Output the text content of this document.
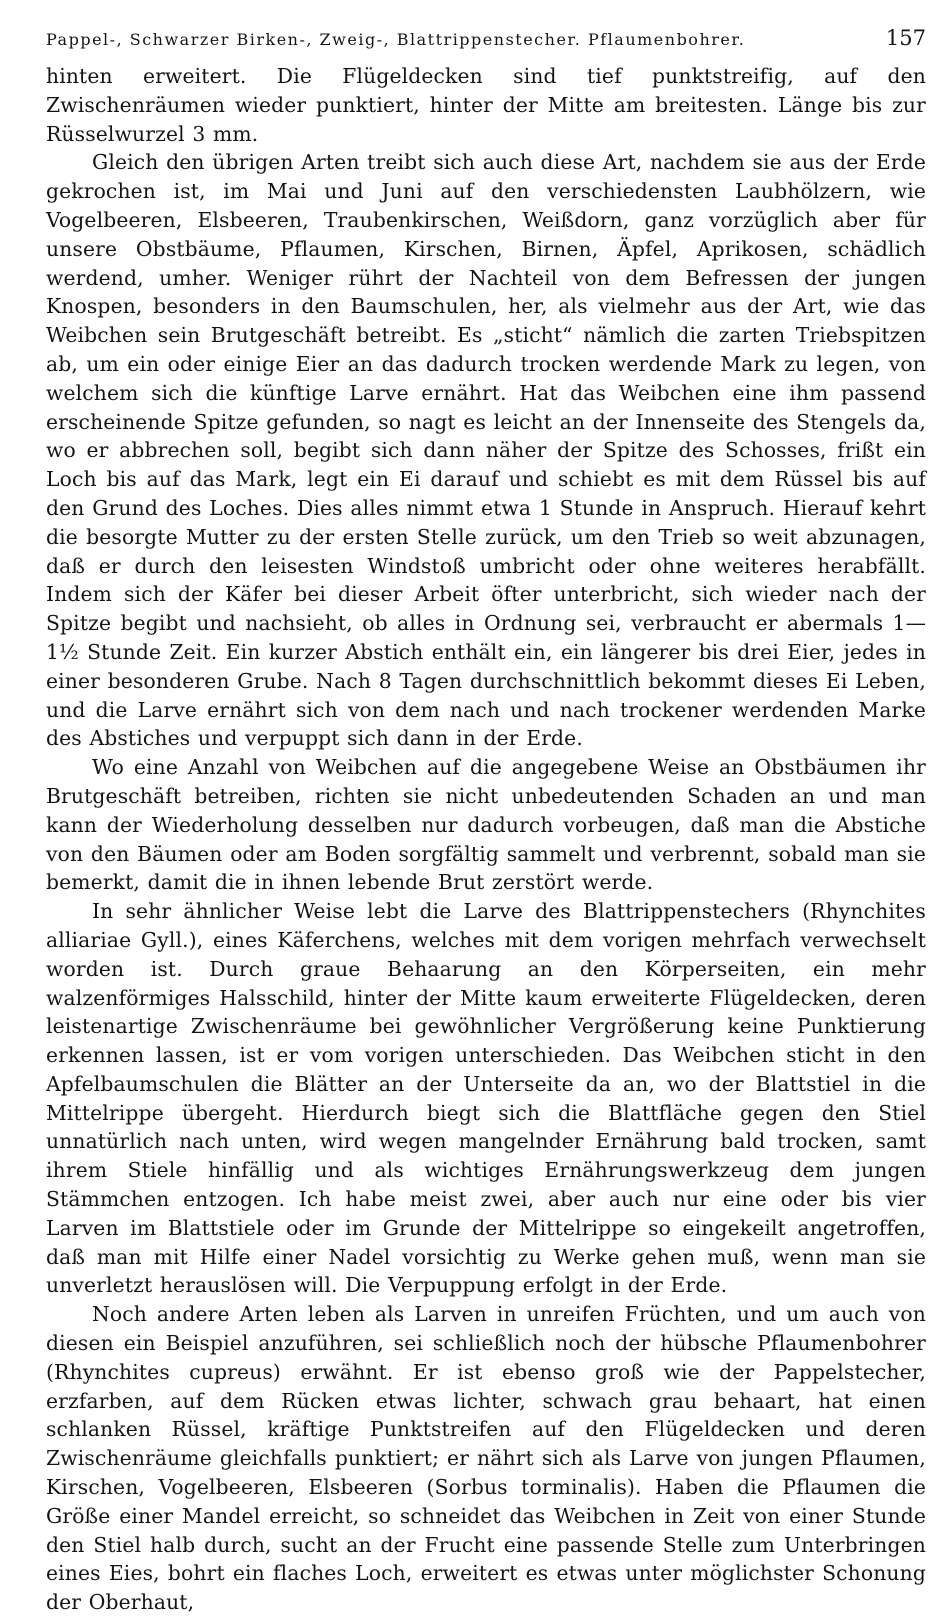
Pappel-, Schwarzer Birken-, Zweig-, Blattrippenstecher. Pflaumenbohrer.	157

hinten erweitert. Die Flügeldecken sind tief punktstreifig, auf den Zwischenräumen wieder punktiert, hinter der Mitte am breitesten. Länge bis zur Rüsselwurzel 3 mm.

Gleich den übrigen Arten treibt sich auch diese Art, nachdem sie aus der Erde gekrochen ist, im Mai und Juni auf den verschiedensten Laubhölzern, wie Vogelbeeren, Elsbeeren, Traubenkirschen, Weißdorn, ganz vorzüglich aber für unsere Obstbäume, Pflaumen, Kirschen, Birnen, Äpfel, Aprikosen, schädlich werdend, umher. Weniger rührt der Nachteil von dem Befressen der jungen Knospen, besonders in den Baumschulen, her, als vielmehr aus der Art, wie das Weibchen sein Brutgeschäft betreibt. Es „sticht“ nämlich die zarten Triebspitzen ab, um ein oder einige Eier an das dadurch trocken werdende Mark zu legen, von welchem sich die künftige Larve ernährt. Hat das Weibchen eine ihm passend erscheinende Spitze gefunden, so nagt es leicht an der Innenseite des Stengels da, wo er abbrechen soll, begibt sich dann näher der Spitze des Schosses, frißt ein Loch bis auf das Mark, legt ein Ei darauf und schiebt es mit dem Rüssel bis auf den Grund des Loches. Dies alles nimmt etwa 1 Stunde in Anspruch. Hierauf kehrt die besorgte Mutter zu der ersten Stelle zurück, um den Trieb so weit abzunagen, daß er durch den leisesten Windstoß umbricht oder ohne weiteres herabfällt. Indem sich der Käfer bei dieser Arbeit öfter unterbricht, sich wieder nach der Spitze begibt und nachsieht, ob alles in Ordnung sei, verbraucht er abermals 1—1½ Stunde Zeit. Ein kurzer Abstich enthält ein, ein längerer bis drei Eier, jedes in einer besonderen Grube. Nach 8 Tagen durchschnittlich bekommt dieses Ei Leben, und die Larve ernährt sich von dem nach und nach trockener werdenden Marke des Abstiches und verpuppt sich dann in der Erde.

Wo eine Anzahl von Weibchen auf die angegebene Weise an Obstbäumen ihr Brutgeschäft betreiben, richten sie nicht unbedeutenden Schaden an und man kann der Wiederholung desselben nur dadurch vorbeugen, daß man die Abstiche von den Bäumen oder am Boden sorgfältig sammelt und verbrennt, sobald man sie bemerkt, damit die in ihnen lebende Brut zerstört werde.

In sehr ähnlicher Weise lebt die Larve des Blattrippenstechers (Rhynchites alliariae Gyll.), eines Käferchens, welches mit dem vorigen mehrfach verwechselt worden ist. Durch graue Behaarung an den Körperseiten, ein mehr walzenförmiges Halsschild, hinter der Mitte kaum erweiterte Flügeldecken, deren leistenartige Zwischenräume bei gewöhnlicher Vergrößerung keine Punktierung erkennen lassen, ist er vom vorigen unterschieden. Das Weibchen sticht in den Apfelbaumschulen die Blätter an der Unterseite da an, wo der Blattstiel in die Mittelrippe übergeht. Hierdurch biegt sich die Blattfläche gegen den Stiel unnatürlich nach unten, wird wegen mangelnder Ernährung bald trocken, samt ihrem Stiele hinfällig und als wichtiges Ernährungswerkzeug dem jungen Stämmchen entzogen. Ich habe meist zwei, aber auch nur eine oder bis vier Larven im Blattstiele oder im Grunde der Mittelrippe so eingekeilt angetroffen, daß man mit Hilfe einer Nadel vorsichtig zu Werke gehen muß, wenn man sie unverletzt herauslösen will. Die Verpuppung erfolgt in der Erde.

Noch andere Arten leben als Larven in unreifen Früchten, und um auch von diesen ein Beispiel anzuführen, sei schließlich noch der hübsche Pflaumenbohrer (Rhynchites cupreus) erwähnt. Er ist ebenso groß wie der Pappelstecher, erzfarben, auf dem Rücken etwas lichter, schwach grau behaart, hat einen schlanken Rüssel, kräftige Punktstreifen auf den Flügeldecken und deren Zwischenräume gleichfalls punktiert; er nährt sich als Larve von jungen Pflaumen, Kirschen, Vogelbeeren, Elsbeeren (Sorbus torminalis). Haben die Pflaumen die Größe einer Mandel erreicht, so schneidet das Weibchen in Zeit von einer Stunde den Stiel halb durch, sucht an der Frucht eine passende Stelle zum Unterbringen eines Eies, bohrt ein flaches Loch, erweitert es etwas unter möglichster Schonung der Oberhaut,
